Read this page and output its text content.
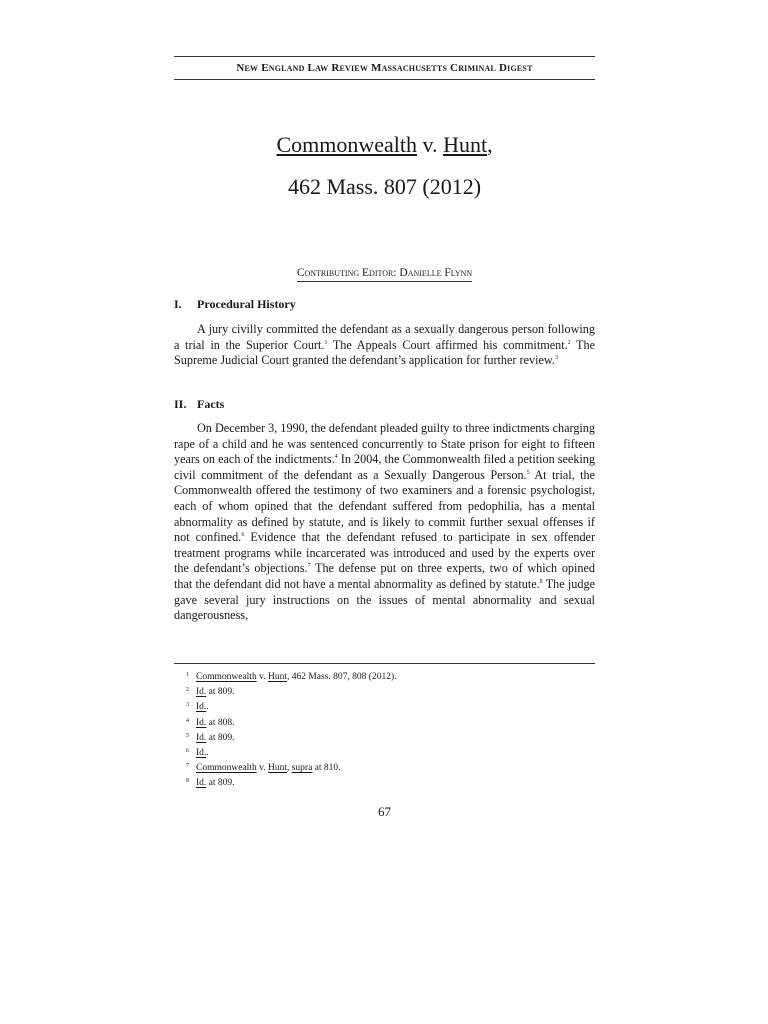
New England Law Review Massachusetts Criminal Digest
Commonwealth v. Hunt,
462 Mass. 807 (2012)
Contributing Editor: Danielle Flynn
I. Procedural History

A jury civilly committed the defendant as a sexually dangerous person following a trial in the Superior Court.$^1$ The Appeals Court affirmed his commitment.$^2$ The Supreme Judicial Court granted the defendant’s application for further review.$^3$

II. Facts

On December 3, 1990, the defendant pleaded guilty to three indictments charging rape of a child and he was sentenced concurrently to State prison for eight to fifteen years on each of the indictments.$^4$ In 2004, the Commonwealth filed a petition seeking civil commitment of the defendant as a Sexually Dangerous Person.$^5$ At trial, the Commonwealth offered the testimony of two examiners and a forensic psychologist, each of whom opined that the defendant suffered from pedophilia, has a mental abnormality as defined by statute, and is likely to commit further sexual offenses if not confined.$^6$ Evidence that the defendant refused to participate in sex offender treatment programs while incarcerated was introduced and used by the experts over the defendant’s objections.$^7$ The defense put on three experts, two of which opined that the defendant did not have a mental abnormality as defined by statute.$^8$ The judge gave several jury instructions on the issues of mental abnormality and sexual dangerousness,

1 Commonwealth v. Hunt, 462 Mass. 807, 808 (2012).
2 Id. at 809.
3 Id..
4 Id. at 808.
5 Id. at 809.
6 Id..
7 Commonwealth v. Hunt, supra at 810.
8 Id. at 809.
67
